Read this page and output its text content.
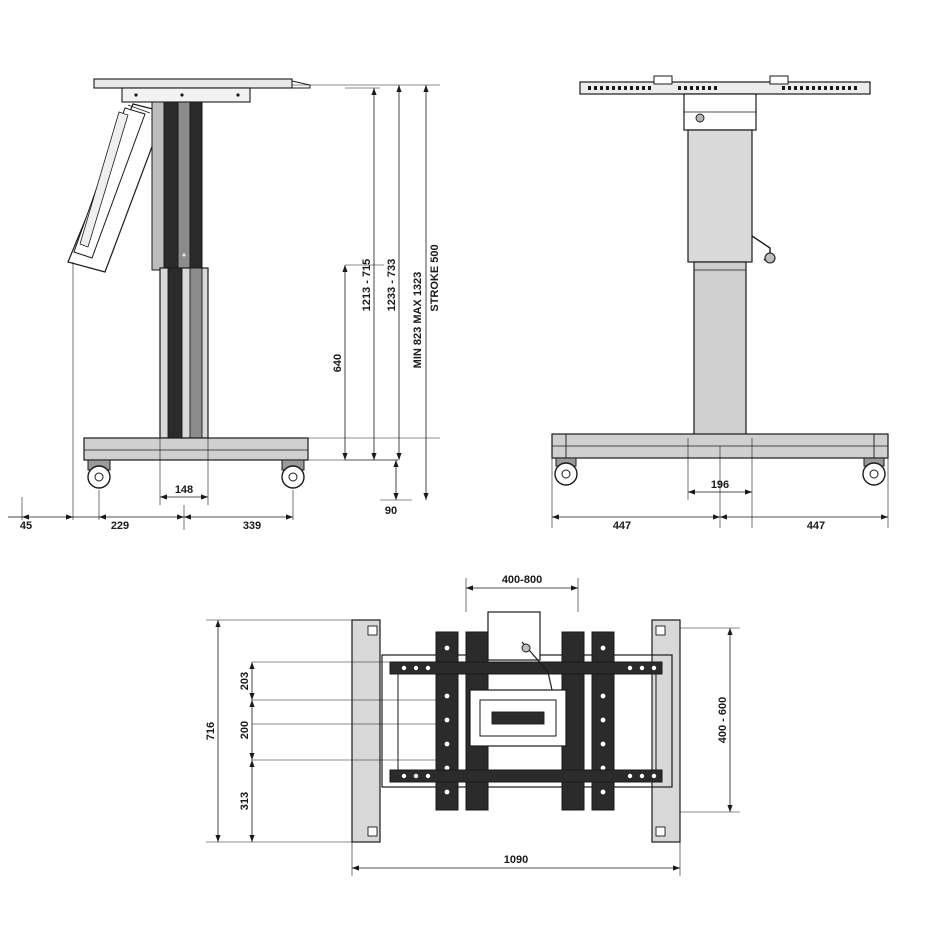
640
1213 - 715 1233 - 733 MIN 823 MAX 1323 STROKE 500
90
148
45	229	339
196
447	447
400-800
203
200
313
716	400 - 600
1090
